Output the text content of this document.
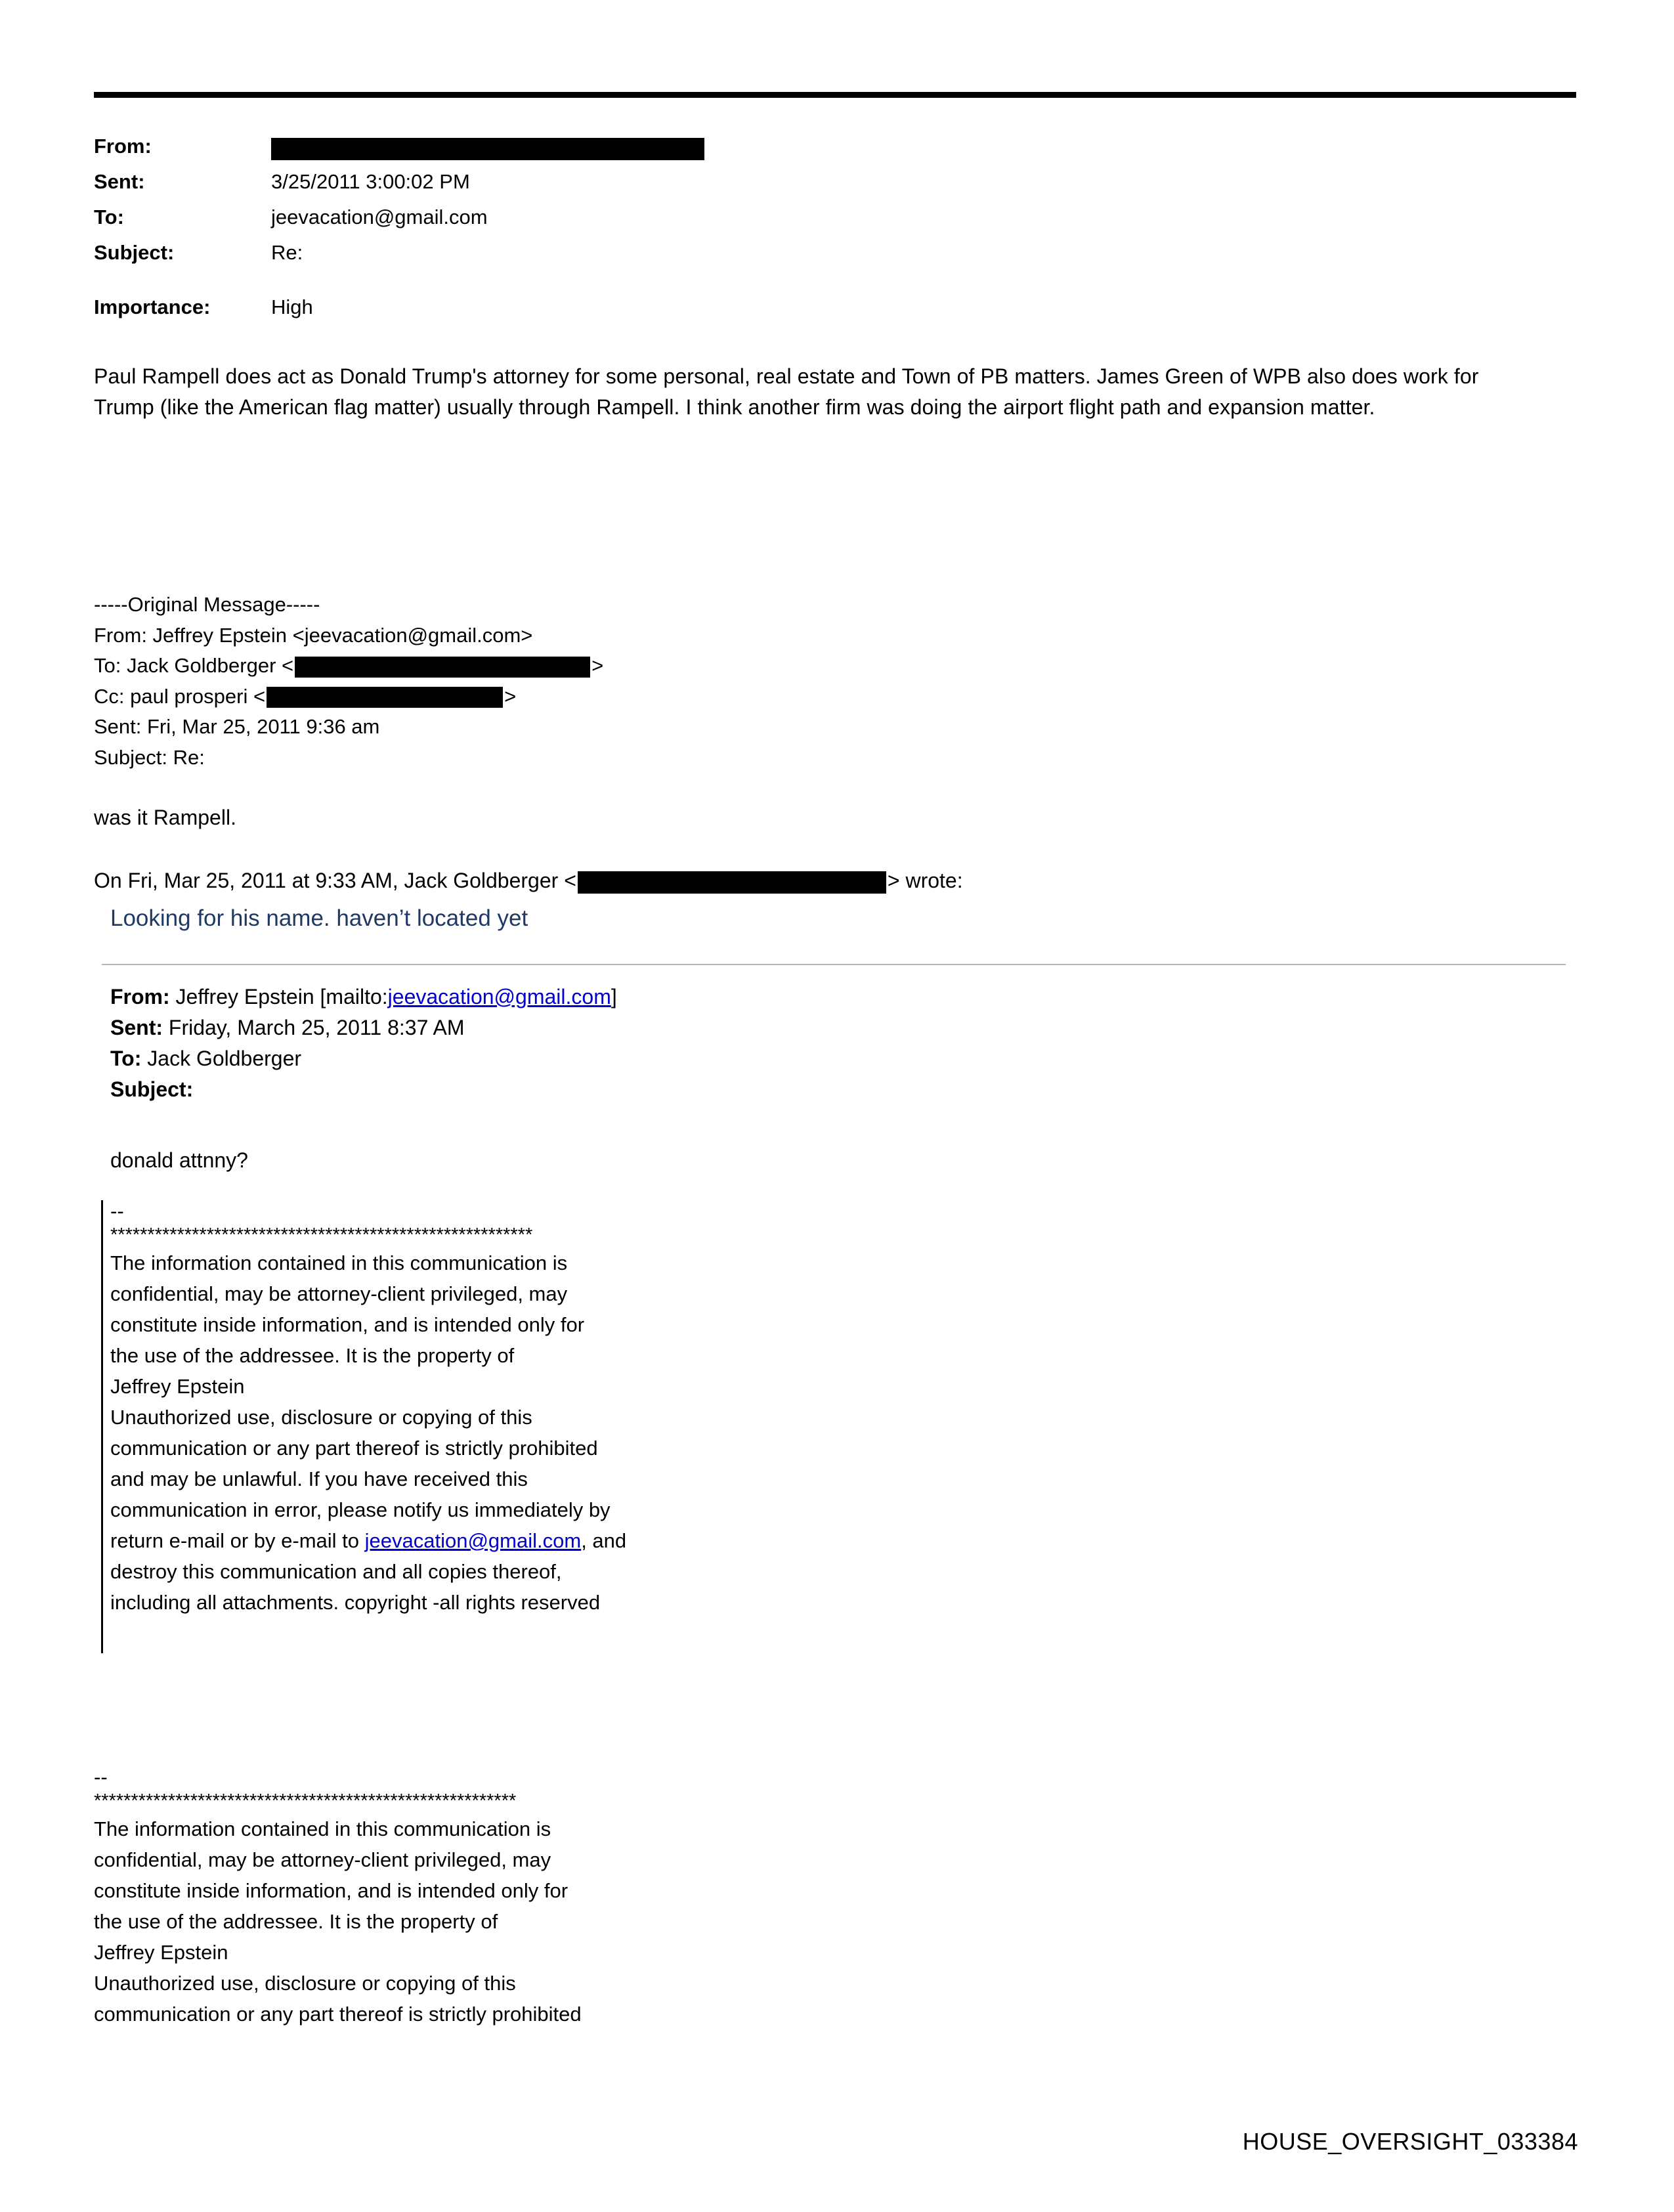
From:
Sent:	3/25/2011 3:00:02 PM
To:	jeevacation@gmail.com
Subject:	Re:
Importance:	High
Paul Rampell does act as Donald Trump's attorney for some personal, real estate and Town of PB matters. James Green of WPB also does work for Trump (like the American flag matter) usually through Rampell. I think another firm was doing the airport flight path and expansion matter.
-----Original Message-----
From: Jeffrey Epstein <jeevacation@gmail.com>
To: Jack Goldberger <	>
Cc: paul prosperi <	>
Sent: Fri, Mar 25, 2011 9:36 am
Subject: Re:
was it Rampell.
On Fri, Mar 25, 2011 at 9:33 AM, Jack Goldberger <	> wrote:
Looking for his name. haven’t located yet
From: Jeffrey Epstein [mailto:jeevacation@gmail.com]
Sent: Friday, March 25, 2011 8:37 AM
To: Jack Goldberger
Subject:
donald attnny?
--
*********************************************************
The information contained in this communication is
confidential, may be attorney-client privileged, may
constitute inside information, and is intended only for
the use of the addressee. It is the property of
Jeffrey Epstein
Unauthorized use, disclosure or copying of this
communication or any part thereof is strictly prohibited
and may be unlawful. If you have received this
communication in error, please notify us immediately by
return e-mail or by e-mail to jeevacation@gmail.com, and
destroy this communication and all copies thereof,
including all attachments. copyright -all rights reserved
--
*********************************************************
The information contained in this communication is
confidential, may be attorney-client privileged, may
constitute inside information, and is intended only for
the use of the addressee. It is the property of
Jeffrey Epstein
Unauthorized use, disclosure or copying of this
communication or any part thereof is strictly prohibited
HOUSE_OVERSIGHT_033384
